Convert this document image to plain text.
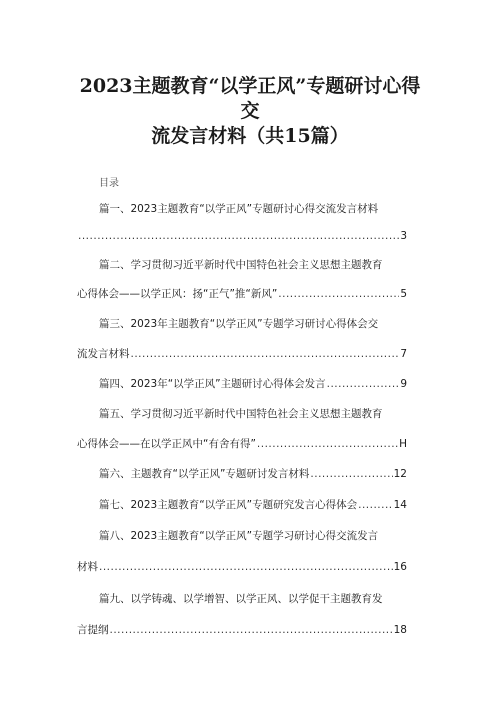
2023主题教育“以学正风”专题研讨心得
交
流发言材料（共15篇）
目录
篇一、2023主题教育“以学正风”专题研讨心得交流发言材料
.....
3
篇二、学习贯彻习近平新时代中国特色社会主义思想主题教育
心得体会——以学正风：扬“正气”推“新风” .....	5
篇三、2023年主题教育“以学正风”专题学习研讨心得体会交
流发言材料 .....	7
篇四、2023年“以学正风”主题研讨心得体会发言 .....	9
篇五、学习贯彻习近平新时代中国特色社会主义思想主题教育
心得体会——在以学正风中“有舍有得” .....	H
篇六、主题教育“以学正风”专题研讨发言材料 .....	12
篇七、2023主题教育“以学正风”专题研究发言心得体会 .....	14
篇八、2023主题教育“以学正风”专题学习研讨心得交流发言
材料 .....	16
篇九、以学铸魂、以学增智、以学正风、以学促干主题教育发
言提纲 .....	18
